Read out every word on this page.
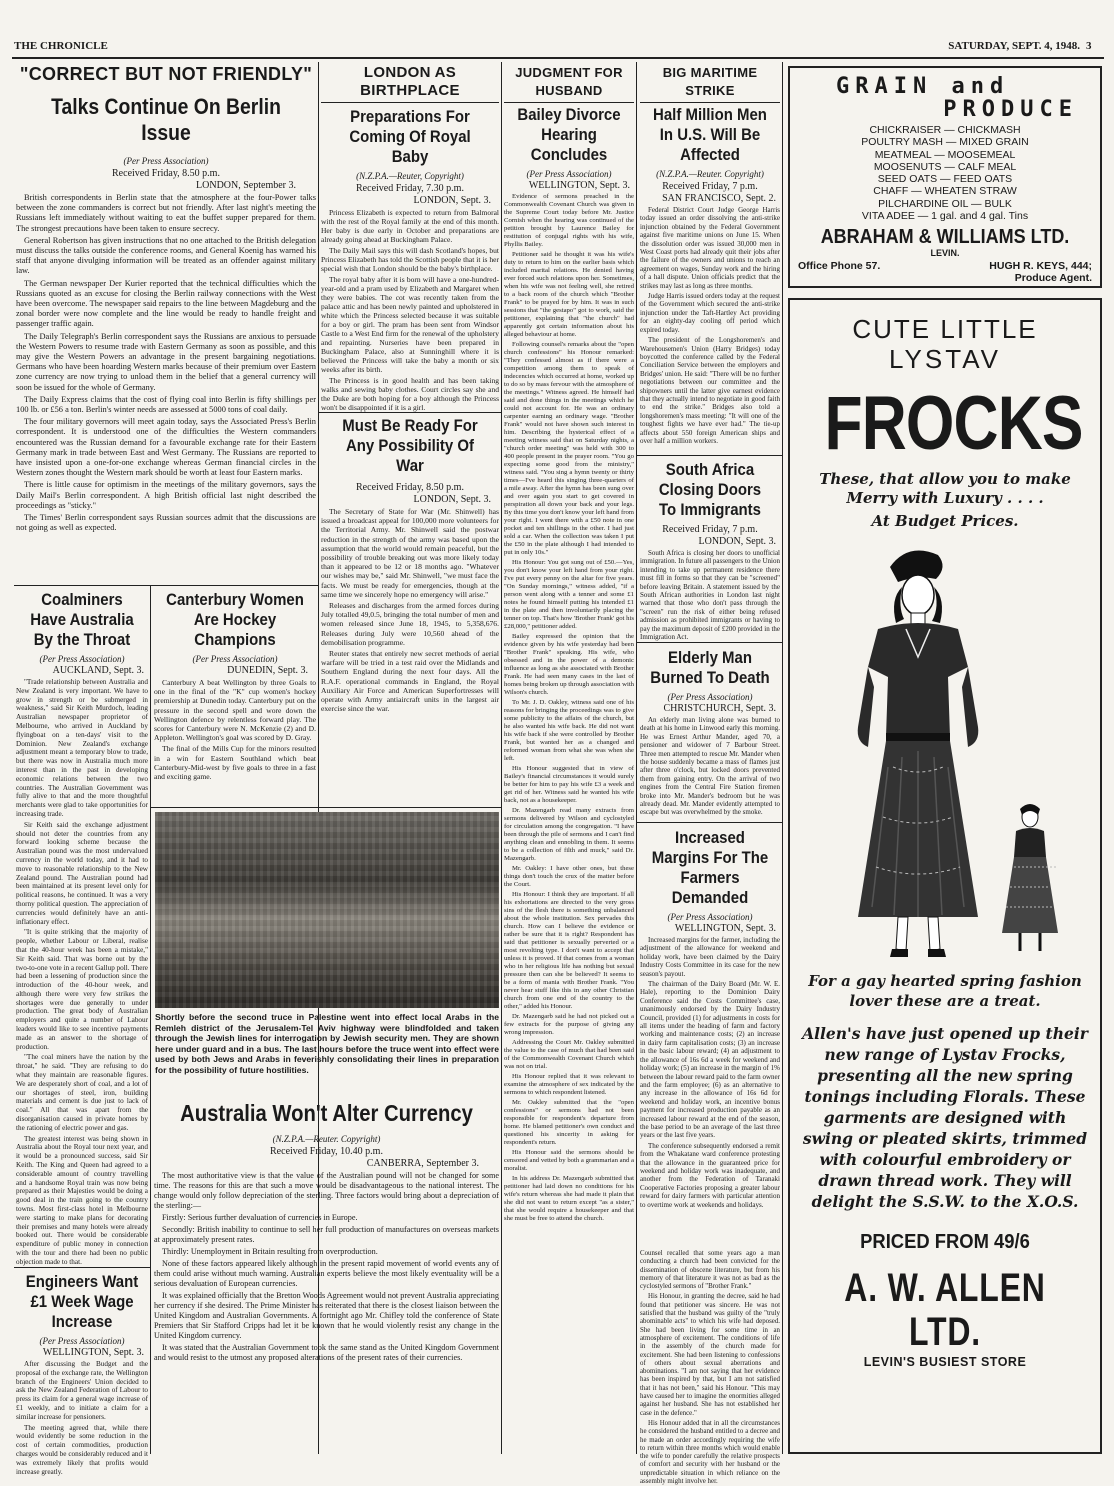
THE CHRONICLE	SATURDAY, SEPT. 4, 1948. 3
"CORRECT BUT NOT FRIENDLY"
Talks Continue On Berlin Issue
(Per Press Association)
Received Friday, 8.50 p.m.
LONDON, September 3.

British correspondents in Berlin state that the atmosphere at the four-Power talks between the zone commanders is correct but not friendly. After last night's meeting the Russians left immediately without waiting to eat the buffet supper prepared for them. The strongest precautions have been taken to ensure secrecy.

General Robertson has given instructions that no one attached to the British delegation must discuss the talks outside the conference rooms, and General Koenig has warned his staff that anyone divulging information will be treated as an offender against military law.

The German newspaper Der Kurier reported that the technical difficulties which the Russians quoted as an excuse for closing the Berlin railway connections with the West have been overcome. The newspaper said repairs to the line between Magdeburg and the zonal border were now complete and the line would be ready to handle freight and passenger traffic again.

The Daily Telegraph's Berlin correspondent says the Russians are anxious to persuade the Western Powers to resume trade with Eastern Germany as soon as possible, and this may give the Western Powers an advantage in the present bargaining negotiations. Germans who have been hoarding Western marks because of their premium over Eastern zone currency are now trying to unload them in the belief that a general currency will soon be issued for the whole of Germany.

The Daily Express claims that the cost of flying coal into Berlin is fifty shillings per 100 lb. or £56 a ton. Berlin's winter needs are assessed at 5000 tons of coal daily.

The four military governors will meet again today, says the Associated Press's Berlin correspondent. It is understood one of the difficulties the Western commanders encountered was the Russian demand for a favourable exchange rate for their Eastern Germany mark in trade between East and West Germany. The Russians are reported to have insisted upon a one-for-one exchange whereas German financial circles in the Western zones thought the Western mark should be worth at least four Eastern marks.

There is little cause for optimism in the meetings of the military governors, says the Daily Mail's Berlin correspondent. A high British official last night described the proceedings as "sticky."

The Times' Berlin correspondent says Russian sources admit that the discussions are not going as well as expected.

Coalminers Have Australia By the Throat
(Per Press Association)
AUCKLAND, Sept. 3.

"Trade relationship between Australia and New Zealand is very important. We have to grow in strength or be submerged in weakness," said Sir Keith Murdoch, leading Australian newspaper proprietor of Melbourne, who arrived in Auckland by flyingboat on a ten-days' visit to the Dominion. New Zealand's exchange adjustment meant a temporary blow to trade, but there was now in Australia much more interest than in the past in developing economic relations between the two countries. The Australian Government was fully alive to that and the more thoughtful merchants were glad to take opportunities for increasing trade.

Sir Keith said the exchange adjustment should not deter the countries from any forward looking scheme because the Australian pound was the most undervalued currency in the world today, and it had to move to reasonable relationship to the New Zealand pound. The Australian pound had been maintained at its present level only for political reasons, he continued. It was a very thorny political question. The appreciation of currencies would definitely have an anti-inflationary effect.

"It is quite striking that the majority of people, whether Labour or Liberal, realise that the 40-hour week has been a mistake," Sir Keith said. That was borne out by the two-to-one vote in a recent Gallup poll. There had been a lessening of production since the introduction of the 40-hour week, and although there were very few strikes the shortages were due generally to under production. The great body of Australian employers and quite a number of Labour leaders would like to see incentive payments made as an answer to the shortage of production.

"The coal miners have the nation by the throat," he said. "They are refusing to do what they maintain are reasonable figures. We are desperately short of coal, and a lot of our shortages of steel, iron, building materials and cement is due just to lack of coal." All that was apart from the disorganisation caused in private homes by the rationing of electric power and gas.

The greatest interest was being shown in Australia about the Royal tour next year, and it would be a pronounced success, said Sir Keith. The King and Queen had agreed to a considerable amount of country travelling and a handsome Royal train was now being prepared as their Majesties would be doing a good deal in the train going to the country towns. Most first-class hotel in Melbourne were starting to make plans for decorating their premises and many hotels were already booked out. There would be considerable expenditure of public money in connection with the tour and there had been no public objection made to that.

Engineers Want £1 Week Wage Increase
(Per Press Association)
WELLINGTON, Sept. 3.

After discussing the Budget and the proposal of the exchange rate, the Wellington branch of the Engineers' Union decided to ask the New Zealand Federation of Labour to press its claim for a general wage increase of £1 weekly, and to initiate a claim for a similar increase for pensioners.

The meeting agreed that, while there would evidently be some reduction in the cost of certain commodities, production charges would be considerably reduced and it was extremely likely that profits would increase greatly.

Canterbury Women Are Hockey Champions
(Per Press Association)
DUNEDIN, Sept. 3.

Canterbury A beat Wellington by three Goals to one in the final of the "K" cup women's hockey premiership at Dunedin today. Canterbury put on the pressure in the second spell and wore down the Wellington defence by relentless forward play. The scores for Canterbury were N. McKenzie (2) and D. Appleton. Wellington's goal was scored by D. Gray.

The final of the Mills Cup for the minors resulted in a win for Eastern Southland which beat Canterbury-Mid-west by five goals to three in a fast and exciting game.

Shortly before the second truce in Palestine went into effect local Arabs in the Remleh district of the Jerusalem-Tel Aviv highway were blindfolded and taken through the Jewish lines for interrogation by Jewish security men. They are shown here under guard and in a bus. The last hours before the truce went into effect were used by both Jews and Arabs in feverishly consolidating their lines in preparation for the possibility of future hostilities.
Australia Won't Alter Currency
(N.Z.P.A.—Reuter. Copyright)
Received Friday, 10.40 p.m.
CANBERRA, September 3.

The most authoritative view is that the value of the Australian pound will not be changed for some time. The reasons for this are that such a move would be disadvantageous to the national interest. The change would only follow depreciation of the sterling. Three factors would bring about a depreciation of the sterling:—

Firstly: Serious further devaluation of currencies in Europe.

Secondly: British inability to continue to sell her full production of manufactures on overseas markets at approximately present rates.

Thirdly: Unemployment in Britain resulting from overproduction.

None of these factors appeared likely although in the present rapid movement of world events any of them could arise without much warning. Australian experts believe the most likely eventuality will be a serious devaluation of European currencies.

It was explained officially that the Bretton Woods Agreement would not prevent Australia appreciating her currency if she desired. The Prime Minister has reiterated that there is the closest liaison between the United Kingdom and Australian Governments. A fortnight ago Mr. Chifley told the conference of State Premiers that Sir Stafford Cripps had let it be known that he would violently resist any change in the United Kingdom currency.

It was stated that the Australian Government took the same stand as the United Kingdom Government and would resist to the utmost any proposed alterations of the present rates of their currencies.

LONDON AS BIRTHPLACE
Preparations For Coming Of Royal Baby
(N.Z.P.A.—Reuter, Copyright)
Received Friday, 7.30 p.m.
LONDON, Sept. 3.

Princess Elizabeth is expected to return from Balmoral with the rest of the Royal family at the end of this month. Her baby is due early in October and preparations are already going ahead at Buckingham Palace.

The Daily Mail says this will dash Scotland's hopes, but Princess Elizabeth has told the Scottish people that it is her special wish that London should be the baby's birthplace.

The royal baby after it is born will have a one-hundred-year-old and a pram used by Elizabeth and Margaret when they were babies. The cot was recently taken from the palace attic and has been newly painted and upholstered in white which the Princess selected because it was suitable for a boy or girl. The pram has been sent from Windsor Castle to a West End firm for the renewal of the upholstery and repainting. Nurseries have been prepared in Buckingham Palace, also at Sunninghill where it is believed the Princess will take the baby a month or six weeks after its birth.

The Princess is in good health and has been taking walks and sewing baby clothes. Court circles say she and the Duke are both hoping for a boy although the Princess won't be disappointed if it is a girl.

Must Be Ready For Any Possibility Of War
Received Friday, 8.50 p.m.
LONDON, Sept. 3.

The Secretary of State for War (Mr. Shinwell) has issued a broadcast appeal for 100,000 more volunteers for the Territorial Army. Mr. Shinwell said the postwar reduction in the strength of the army was based upon the assumption that the world would remain peaceful, but the possibility of trouble breaking out was more likely today than it appeared to be 12 or 18 months ago. "Whatever our wishes may be," said Mr. Shinwell, "we must face the facts. We must be ready for emergencies, though at the same time we sincerely hope no emergency will arise."

Releases and discharges from the armed forces during July totalled 49,0.5, bringing the total number of men and women released since June 18, 1945, to 5,358,676. Releases during July were 10,560 ahead of the demobilisation programme.

Reuter states that entirely new secret methods of aerial warfare will be tried in a test raid over the Midlands and Southern England during the next four days. All the R.A.F. operational commands in England, the Royal Auxiliary Air Force and American Superfortresses will operate with Army antiaircraft units in the largest air exercise since the war.

JUDGMENT FOR HUSBAND
Bailey Divorce Hearing Concludes
(Per Press Association)
WELLINGTON, Sept. 3.

Evidence of sermons preached in the Commonwealth Covenant Church was given in the Supreme Court today before Mr. Justice Cornish when the hearing was continued of the petition brought by Laurence Bailey for restitution of conjugal rights with his wife, Phyllis Bailey.

Petitioner said he thought it was his wife's duty to return to him on the earlier basis which included marital relations. He denied having ever forced such relations upon her. Sometimes, when his wife was not feeling well, she retired to a back room of the church which "Brother Frank" to be prayed for by him. It was in such sessions that "the gestapo" got to work, said the petitioner, explaining that "the church" had apparently got certain information about his alleged behaviour at home.

Following counsel's remarks about the "open church confessions" his Honour remarked: "They confessed almost as if there were a competition among them to speak of indecencies which occurred at home, worked up to do so by mass fervour with the atmosphere of the meetings." Witness agreed. He himself had said and done things in the meetings which he could not account for. He was an ordinary carpenter earning an ordinary wage. "Brother Frank" would not have shown such interest in him. Describing the hysterical effect of a meeting witness said that on Saturday nights, a "church order meeting" was held with 300 to 400 people present in the prayer room. "You go expecting some good from the ministry," witness said. "You sing a hymn twenty or thirty times—I've heard this singing three-quarters of a mile away. After the hymn has been sung over and over again you start to get covered in perspiration all down your back and your legs. By this time you don't know your left hand from your right. I went there with a £50 note in one pocket and ten shillings in the other. I had just sold a car. When the collection was taken I put the £50 in the plate although I had intended to put in only 10s."

His Honour: You got sung out of £50.—Yes, you don't know your left hand from your right. I've put every penny on the altar for five years. "On Sunday mornings," witness added, "if a person went along with a tenner and some £1 notes he found himself putting his intended £1 in the plate and then involuntarily placing the tenner on top. That's how 'Brother Frank' got his £28,000," petitioner added.

Bailey expressed the opinion that the evidence given by his wife yesterday had been "Brother Frank" speaking. His wife, who obsessed and in the power of a demonic influence as long as she associated with Brother Frank. He had seen many cases in the last of homes being broken up through association with Wilson's church.

To Mr. J. D. Oakley, witness said one of his reasons for bringing the proceedings was to give some publicity to the affairs of the church, but he also wanted his wife back. He did not want his wife back if she were controlled by Brother Frank, but wanted her as a changed and reformed woman from what she was when she left.

His Honour suggested that in view of Bailey's financial circumstances it would surely be better for him to pay his wife £3 a week and get rid of her. Witness said he wanted his wife back, not as a housekeeper.

Dr. Mazengarb read many extracts from sermons delivered by Wilson and cyclostyled for circulation among the congregation. "I have been through the pile of sermons and I can't find anything clean and ennobling in them. It seems to be a collection of filth and muck," said Dr. Mazengarb.

Mr. Oakley: I have other ones, but these things don't touch the crux of the matter before the Court.

His Honour: I think they are important. If all his exhortations are directed to the very gross sins of the flesh there is something unbalanced about the whole institution. Sex pervades this church. How can I believe the evidence or rather be sure that it is right? Respondent has said that petitioner is sexually perverted or a most revolting type. I don't want to accept that unless it is proved. If that comes from a woman who in her religious life has nothing but sexual pressure then can she be believed? It seems to be a form of mania with Brother Frank. "You never hear stuff like this in any other Christian church from one end of the country to the other," added his Honour.

Dr. Mazengarb said he had not picked out a few extracts for the purpose of giving any wrong impression.

Addressing the Court Mr. Oakley submitted the value to the case of much that had been said of the Commonwealth Covenant Church which was not on trial.

His Honour replied that it was relevant to examine the atmosphere of sex indicated by the sermons to which respondent listened.

Mr. Oakley submitted that the "open confessions" or sermons had not been responsible for respondent's departure from home. He blamed petitioner's own conduct and questioned his sincerity in asking for respondent's return.

His Honour said the sermons should be censored and vetted by both a grammarian and a moralist.

In his address Dr. Mazengarb submitted that petitioner had laid down no conditions for his wife's return whereas she had made it plain that she did not want to return except "as a sister," that she would require a housekeeper and that she must be free to attend the church.

Counsel recalled that some years ago a man conducting a church had been convicted for the dissemination of obscene literature, but from his memory of that literature it was not as bad as the cyclostyled sermons of "Brother Frank."

His Honour, in granting the decree, said he had found that petitioner was sincere. He was not satisfied that the husband was guilty of the "truly abominable acts" to which his wife had deposed. She had been living for some time in an atmosphere of excitement. The conditions of life in the assembly of the church made for excitement. She had been listening to confessions of others about sexual aberrations and abominations. "I am not saying that her evidence has been inspired by that, but I am not satisfied that it has not been," said his Honour. "This may have caused her to imagine the enormities alleged against her husband. She has not established her case in the defence."

His Honour added that in all the circumstances he considered the husband entitled to a decree and he made an order accordingly requiring the wife to return within three months which would enable the wife to ponder carefully the relative prospects of comfort and security with her husband or the unpredictable situation in which reliance on the assembly might involve her.

BIG MARITIME STRIKE
Half Million Men In U.S. Will Be Affected
(N.Z.P.A.—Reuter. Copyright)
Received Friday, 7 p.m.
SAN FRANCISCO, Sept. 2.

Federal District Court Judge George Harris today issued an order dissolving the anti-strike injunction obtained by the Federal Government against five maritime unions on June 15. When the dissolution order was issued 30,000 men in West Coast ports had already quit their jobs after the failure of the owners and unions to reach an agreement on wages, Sunday work and the hiring of a hall dispute. Union officials predict that the strikes may last as long as three months.

Judge Harris issued orders today at the request of the Government which secured the anti-strike injunction under the Taft-Hartley Act providing for an eighty-day cooling off period which expired today.

The president of the Longshoremen's and Warehousemen's Union (Harry Bridges) today boycotted the conference called by the Federal Conciliation Service between the employers and Bridges' union. He said: "There will be no further negotiations between our committee and the shipowners until the latter give earnest evidence that they actually intend to negotiate in good faith to end the strike." Bridges also told a longshoremen's mass meeting: "It will one of the toughest fights we have ever had." The tie-up affects about 550 foreign American ships and over half a million workers.

South Africa Closing Doors To Immigrants
Received Friday, 7 p.m.
LONDON, Sept. 3.

South Africa is closing her doors to unofficial immigration. In future all passengers to the Union intending to take up permanent residence there must fill in forms so that they can be "screened" before leaving Britain. A statement issued by the South African authorities in London last night warned that those who don't pass through the "screen" run the risk of either being refused admission as prohibited immigrants or having to pay the maximum deposit of £200 provided in the Immigration Act.

Elderly Man Burned To Death
(Per Press Association)
CHRISTCHURCH, Sept. 3.

An elderly man living alone was burned to death at his home in Linwood early this morning. He was Ernest Arthur Mander, aged 70, a pensioner and widower of 7 Barbour Street. Three men attempted to rescue Mr. Mander when the house suddenly became a mass of flames just after three o'clock, but locked doors prevented them from gaining entry. On the arrival of two engines from the Central Fire Station firemen broke into Mr. Mander's bedroom but he was already dead. Mr. Mander evidently attempted to escape but was overwhelmed by the smoke.

Increased Margins For The Farmers Demanded
(Per Press Association)
WELLINGTON, Sept. 3.

Increased margins for the farmer, including the adjustment of the allowance for weekend and holiday work, have been claimed by the Dairy Industry Costs Committee in its case for the new season's payout.

The chairman of the Dairy Board (Mr. W. E. Hale), reporting to the Dominion Dairy Conference said the Costs Committee's case, unanimously endorsed by the Dairy Industry Council, provided (1) for adjustments in costs for all items under the heading of farm and factory working and maintenance costs; (2) an increase in dairy farm capitalisation costs; (3) an increase in the basic labour reward; (4) an adjustment to the allowance of 16s 6d a week for weekend and holiday work; (5) an increase in the margin of 1% between the labour reward paid to the farm owner and the farm employee; (6) as an alternative to any increase in the allowance of 16s 6d for weekend and holiday work, an incentive bonus payment for increased production payable as an increased labour reward at the end of the season, the base period to be an average of the last three years or the last five years.

The conference subsequently endorsed a remit from the Whakatane ward conference protesting that the allowance in the guaranteed price for weekend and holiday work was inadequate, and another from the Federation of Taranaki Cooperative Factories proposing a greater labour reward for dairy farmers with particular attention to overtime work at weekends and holidays.

GRAIN and
PRODUCE
CHICKRAISER — CHICKMASH
POULTRY MASH — MIXED GRAIN
MEATMEAL — MOOSEMEAL
MOOSENUTS — CALF MEAL
SEED OATS — FEED OATS
CHAFF — WHEATEN STRAW
PILCHARDINE OIL — BULK
VITA ADEE — 1 gal. and 4 gal. Tins
ABRAHAM & WILLIAMS LTD.
LEVIN.
Office Phone 57.	HUGH R. KEYS, 444;
Produce Agent.
CUTE LITTLE
LYSTAV
FROCKS
These, that allow you to make
Merry with Luxury . . . .
At Budget Prices.
For a gay hearted spring fashion lover these are a treat.
Allen's have just opened up their new range of Lystav Frocks, presenting all the new spring tonings including Florals. These garments are designed with swing or pleated skirts, trimmed with colourful embroidery or drawn thread work. They will delight the S.S.W. to the X.O.S.
PRICED FROM 49/6
A. W. ALLEN LTD.
LEVIN'S BUSIEST STORE
